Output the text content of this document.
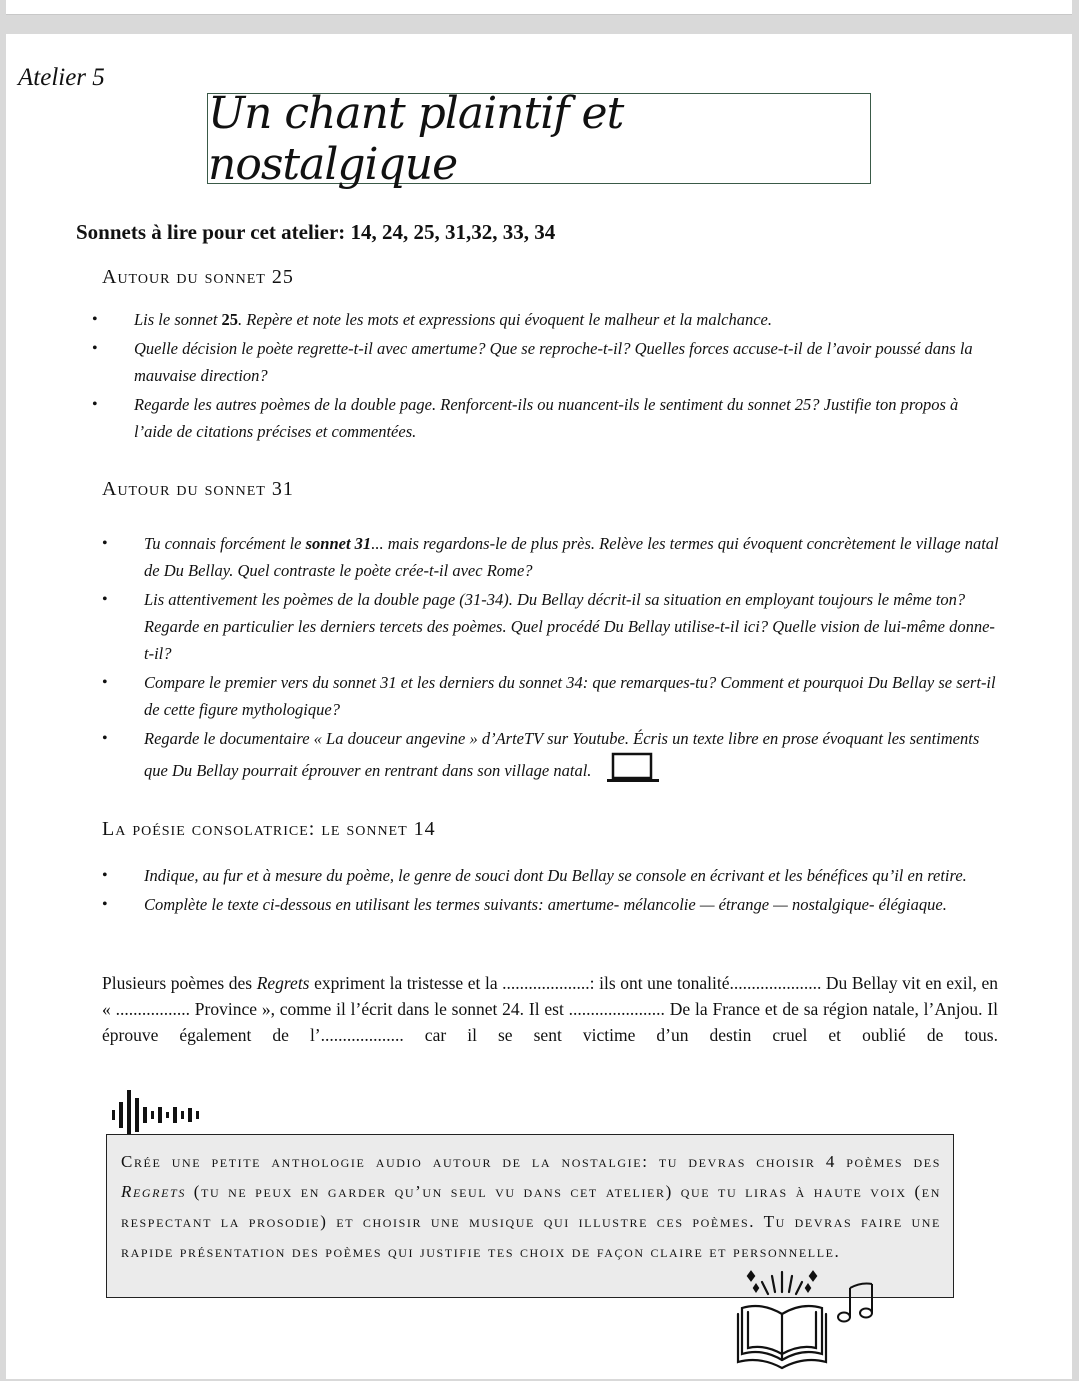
Atelier 5
Un chant plaintif et nostalgique
Sonnets à lire pour cet atelier: 14, 24, 25, 31,32, 33, 34
Autour du sonnet 25
• Lis le sonnet 25. Repère et note les mots et expressions qui évoquent le malheur et la malchance.
• Quelle décision le poète regrette-t-il avec amertume? Que se reproche-t-il? Quelles forces accuse-t-il de l’avoir poussé dans la mauvaise direction?
• Regarde les autres poèmes de la double page. Renforcent-ils ou nuancent-ils le sentiment du sonnet 25? Justifie ton propos à l’aide de citations précises et commentées.
Autour du sonnet 31
• Tu connais forcément le sonnet 31... mais regardons-le de plus près. Relève les termes qui évoquent concrètement le village natal de Du Bellay. Quel contraste le poète crée-t-il avec Rome?
• Lis attentivement les poèmes de la double page (31-34). Du Bellay décrit-il sa situation en employant toujours le même ton? Regarde en particulier les derniers tercets des poèmes. Quel procédé Du Bellay utilise-t-il ici? Quelle vision de lui-même donne-t-il?
• Compare le premier vers du sonnet 31 et les derniers du sonnet 34: que remarques-tu? Comment et pourquoi Du Bellay se sert-il de cette figure mythologique?
• Regarde le documentaire « La douceur angevine » d’ArteTV sur Youtube. Écris un texte libre en prose évoquant les sentiments que Du Bellay pourrait éprouver en rentrant dans son village natal.
La poésie consolatrice: le sonnet 14
• Indique, au fur et à mesure du poème, le genre de souci dont Du Bellay se console en écrivant et les bénéfices qu’il en retire.
• Complète le texte ci-dessous en utilisant les termes suivants: amertume- mélancolie — étrange — nostalgique- élégiaque.
Plusieurs poèmes des Regrets expriment la tristesse et la ....................: ils ont une tonalité..................... Du Bellay vit en exil, en « ................. Province », comme il l’écrit dans le sonnet 24. Il est ...................... De la France et de sa région natale, l’Anjou. Il éprouve également de l’................... car il se sent victime d’un destin cruel et oublié de tous.

Crée une petite anthologie audio autour de la nostalgie: tu devras choisir 4 poèmes des Regrets (tu ne peux en garder qu’un seul vu dans cet atelier) que tu liras à haute voix (en respectant la prosodie) et choisir une musique qui illustre ces poèmes. Tu devras faire une rapide présentation des poèmes qui justifie tes choix de façon claire et personnelle.
